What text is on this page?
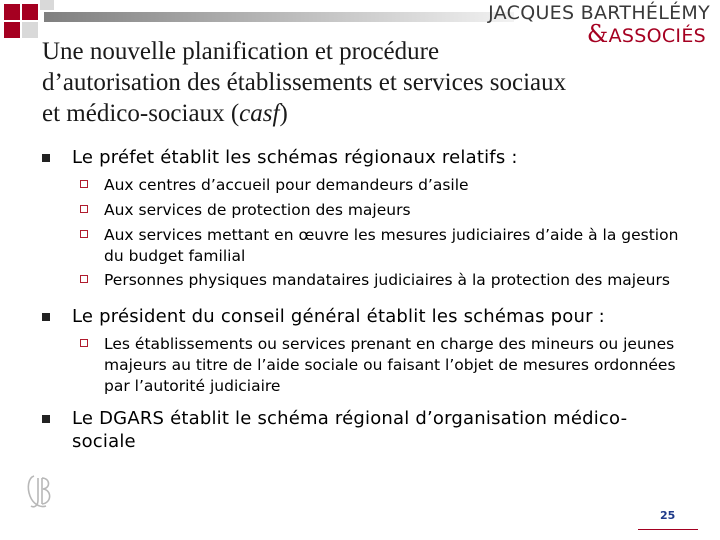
JACQUES BARTHÉLÉMY
&ASSOCIÉS
Une nouvelle planification et procédure
d’autorisation des établissements et services sociaux
et médico-sociaux (casf)
Le préfet établit les schémas régionaux relatifs :
Aux centres d’accueil pour demandeurs d’asile
Aux services de protection des majeurs
Aux services mettant en œuvre les mesures judiciaires d’aide à la gestion du budget familial
Personnes physiques mandataires judiciaires à la protection des majeurs
Le président du conseil général établit les schémas pour :
Les établissements ou services prenant en charge des mineurs ou jeunes majeurs au titre de l’aide sociale ou faisant l’objet de mesures ordonnées par l’autorité judiciaire
Le DGARS établit le schéma régional d’organisation médico-sociale
25
